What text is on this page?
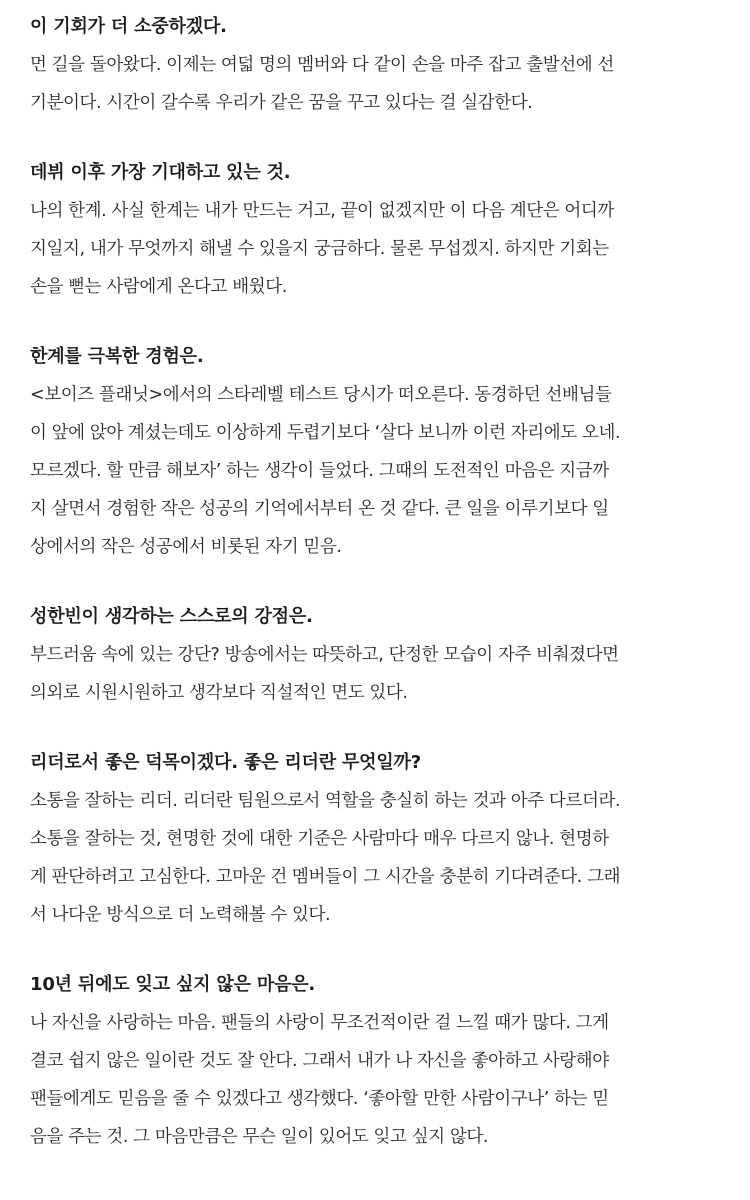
이 기회가 더 소중하겠다.

먼 길을 돌아왔다. 이제는 여덟 명의 멤버와 다 같이 손을 마주 잡고 출발선에 선
기분이다. 시간이 갈수록 우리가 같은 꿈을 꾸고 있다는 걸 실감한다.

데뷔 이후 가장 기대하고 있는 것.

나의 한계. 사실 한계는 내가 만드는 거고, 끝이 없겠지만 이 다음 계단은 어디까
지일지, 내가 무엇까지 해낼 수 있을지 궁금하다. 물론 무섭겠지. 하지만 기회는
손을 뻗는 사람에게 온다고 배웠다.

한계를 극복한 경험은.

<보이즈 플래닛>에서의 스타레벨 테스트 당시가 떠오른다. 동경하던 선배님들
이 앞에 앉아 계셨는데도 이상하게 두렵기보다 ‘살다 보니까 이런 자리에도 오네.
모르겠다. 할 만큼 해보자’ 하는 생각이 들었다. 그때의 도전적인 마음은 지금까
지 살면서 경험한 작은 성공의 기억에서부터 온 것 같다. 큰 일을 이루기보다 일
상에서의 작은 성공에서 비롯된 자기 믿음.

성한빈이 생각하는 스스로의 강점은.

부드러움 속에 있는 강단? 방송에서는 따뜻하고, 단정한 모습이 자주 비춰졌다면
의외로 시원시원하고 생각보다 직설적인 면도 있다.

리더로서 좋은 덕목이겠다. 좋은 리더란 무엇일까?

소통을 잘하는 리더. 리더란 팀원으로서 역할을 충실히 하는 것과 아주 다르더라.
소통을 잘하는 것, 현명한 것에 대한 기준은 사람마다 매우 다르지 않나. 현명하
게 판단하려고 고심한다. 고마운 건 멤버들이 그 시간을 충분히 기다려준다. 그래
서 나다운 방식으로 더 노력해볼 수 있다.

10년 뒤에도 잊고 싶지 않은 마음은.

나 자신을 사랑하는 마음. 팬들의 사랑이 무조건적이란 걸 느낄 때가 많다. 그게
결코 쉽지 않은 일이란 것도 잘 안다. 그래서 내가 나 자신을 좋아하고 사랑해야
팬들에게도 믿음을 줄 수 있겠다고 생각했다. ‘좋아할 만한 사람이구나’ 하는 믿
음을 주는 것. 그 마음만큼은 무슨 일이 있어도 잊고 싶지 않다.
